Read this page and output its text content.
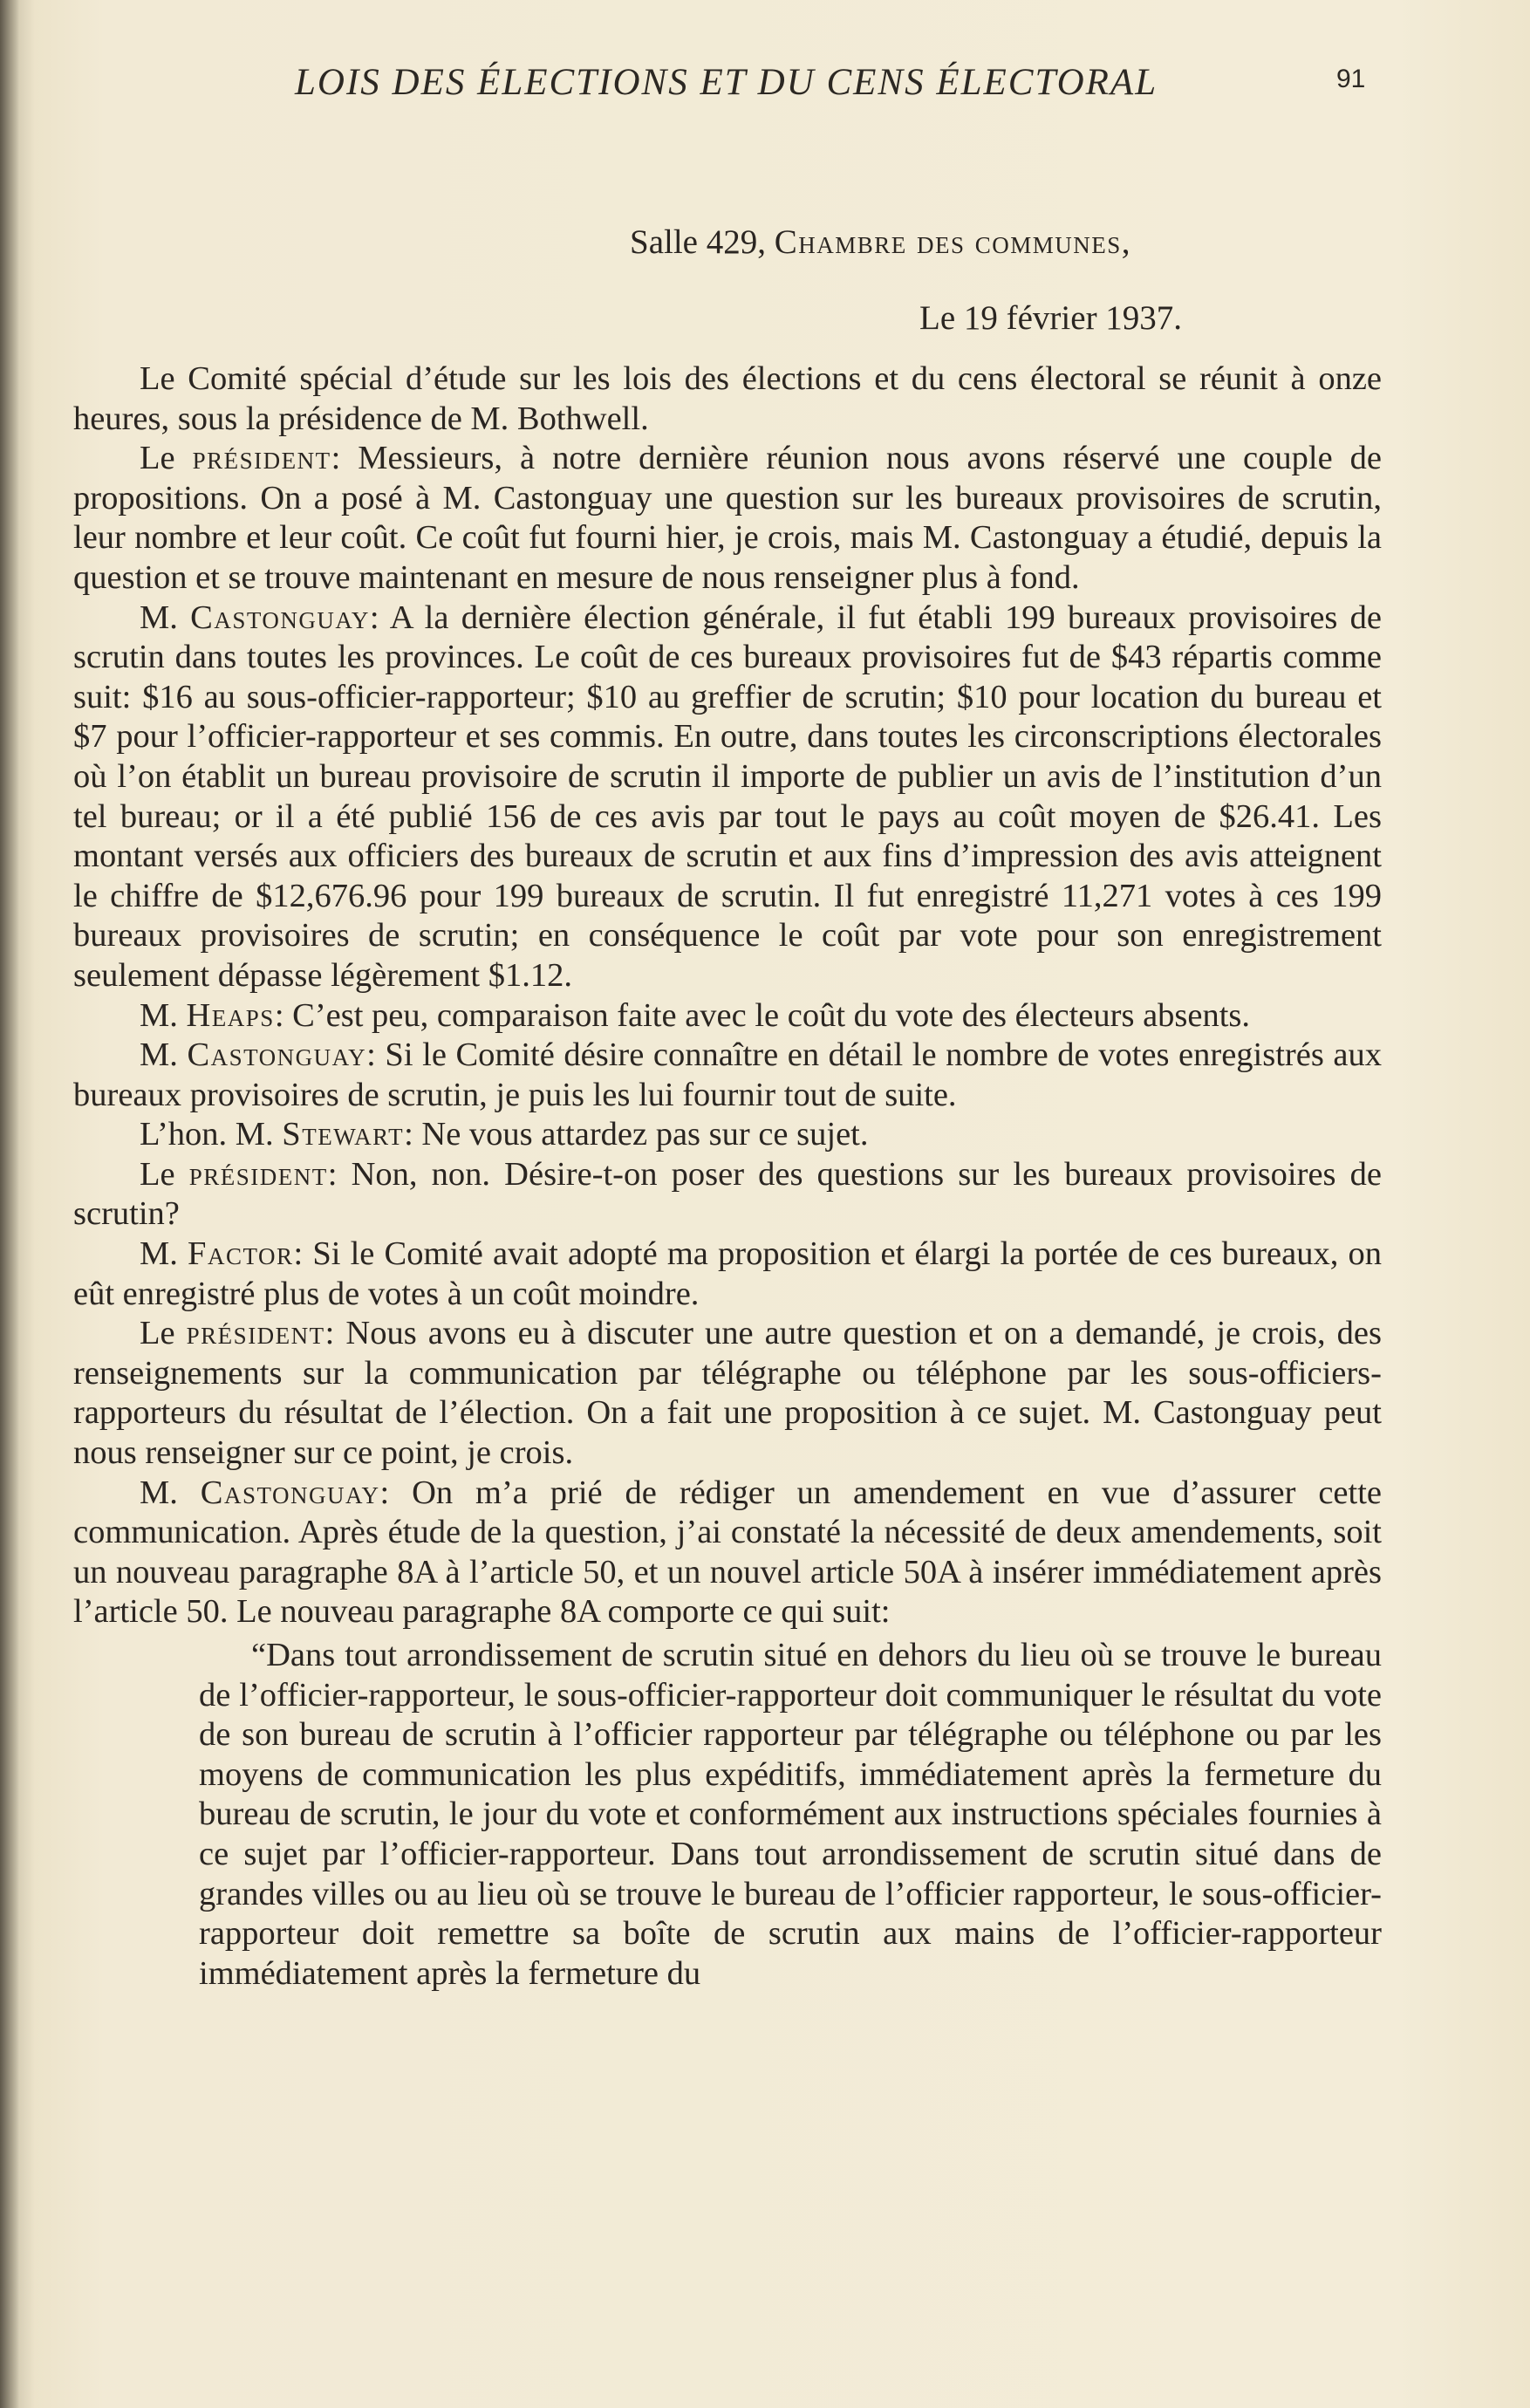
LOIS DES ÉLECTIONS ET DU CENS ÉLECTORAL	91
Salle 429, Chambre des communes,
Le 19 février 1937.

Le Comité spécial d’étude sur les lois des élections et du cens électoral se réunit à onze heures, sous la présidence de M. Bothwell.

Le président: Messieurs, à notre dernière réunion nous avons réservé une couple de propositions. On a posé à M. Castonguay une question sur les bureaux provisoires de scrutin, leur nombre et leur coût. Ce coût fut fourni hier, je crois, mais M. Castonguay a étudié, depuis la question et se trouve maintenant en mesure de nous renseigner plus à fond.

M. Castonguay: A la dernière élection générale, il fut établi 199 bureaux provisoires de scrutin dans toutes les provinces. Le coût de ces bureaux provisoires fut de $43 répartis comme suit: $16 au sous-officier-rapporteur; $10 au greffier de scrutin; $10 pour location du bureau et $7 pour l’officier-rapporteur et ses commis. En outre, dans toutes les circonscriptions électorales où l’on établit un bureau provisoire de scrutin il importe de publier un avis de l’institution d’un tel bureau; or il a été publié 156 de ces avis par tout le pays au coût moyen de $26.41. Les montant versés aux officiers des bureaux de scrutin et aux fins d’impression des avis atteignent le chiffre de $12,676.96 pour 199 bureaux de scrutin. Il fut enregistré 11,271 votes à ces 199 bureaux provisoires de scrutin; en conséquence le coût par vote pour son enregistrement seulement dépasse légèrement $1.12.

M. Heaps: C’est peu, comparaison faite avec le coût du vote des électeurs absents.

M. Castonguay: Si le Comité désire connaître en détail le nombre de votes enregistrés aux bureaux provisoires de scrutin, je puis les lui fournir tout de suite.

L’hon. M. Stewart: Ne vous attardez pas sur ce sujet.

Le président: Non, non. Désire-t-on poser des questions sur les bureaux provisoires de scrutin?

M. Factor: Si le Comité avait adopté ma proposition et élargi la portée de ces bureaux, on eût enregistré plus de votes à un coût moindre.

Le président: Nous avons eu à discuter une autre question et on a demandé, je crois, des renseignements sur la communication par télégraphe ou téléphone par les sous-officiers-rapporteurs du résultat de l’élection. On a fait une proposition à ce sujet. M. Castonguay peut nous renseigner sur ce point, je crois.

M. Castonguay: On m’a prié de rédiger un amendement en vue d’assurer cette communication. Après étude de la question, j’ai constaté la nécessité de deux amendements, soit un nouveau paragraphe 8A à l’article 50, et un nouvel article 50A à insérer immédiatement après l’article 50. Le nouveau paragraphe 8A comporte ce qui suit:

“Dans tout arrondissement de scrutin situé en dehors du lieu où se trouve le bureau de l’officier-rapporteur, le sous-officier-rapporteur doit communiquer le résultat du vote de son bureau de scrutin à l’officier rapporteur par télégraphe ou téléphone ou par les moyens de communication les plus expéditifs, immédiatement après la fermeture du bureau de scrutin, le jour du vote et conformément aux instructions spéciales fournies à ce sujet par l’officier-rapporteur. Dans tout arrondissement de scrutin situé dans de grandes villes ou au lieu où se trouve le bureau de l’officier rapporteur, le sous-officier-rapporteur doit remettre sa boîte de scrutin aux mains de l’officier-rapporteur immédiatement après la fermeture du
